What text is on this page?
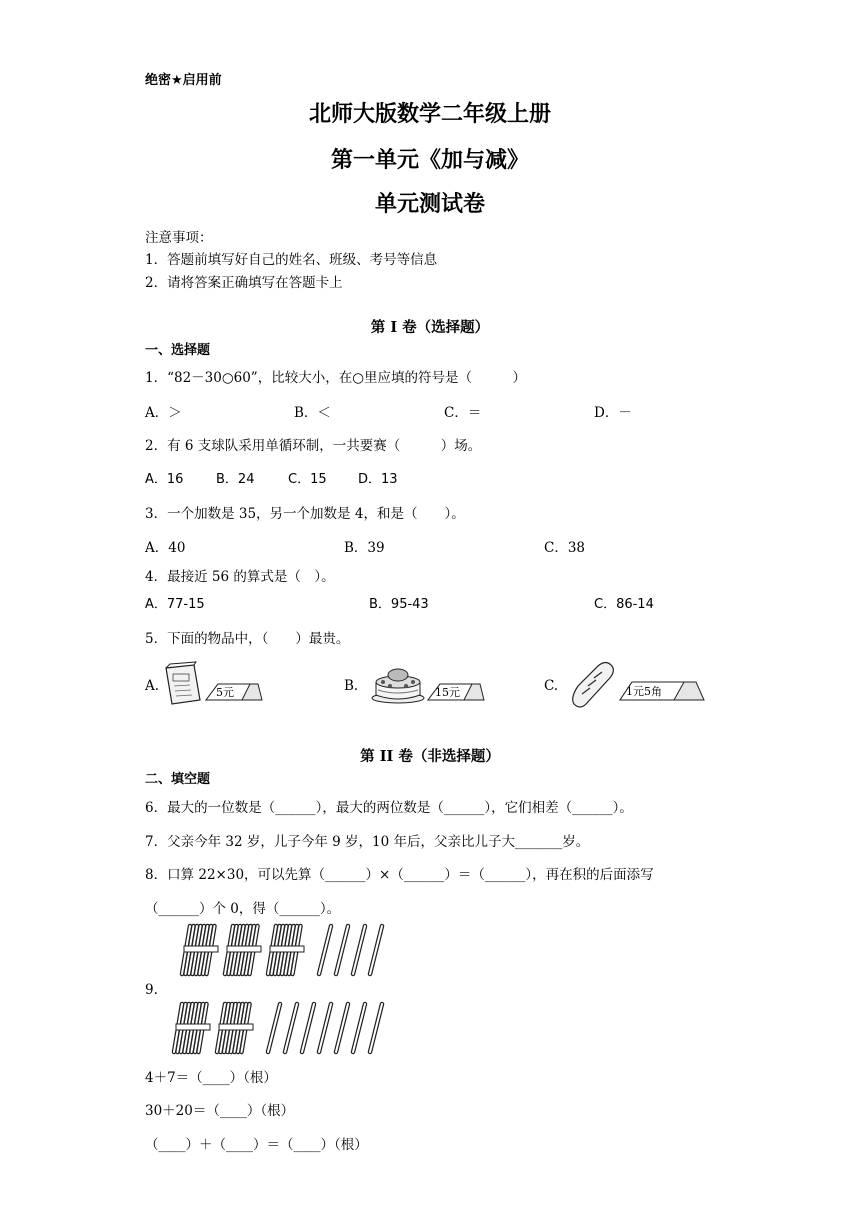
绝密★启用前
北师大版数学二年级上册
第一单元《加与减》
单元测试卷
注意事项：
1．答题前填写好自己的姓名、班级、考号等信息
2．请将答案正确填写在答题卡上
第 I 卷（选择题）
一、选择题
1．“82－30○60”，比较大小，在○里应填的符号是（　　　）
A．＞	B．＜	C．＝	D．－
2．有 6 支球队采用单循环制，一共要赛（　　　）场。
A．16	B．24	C．15 D．13
3．一个加数是 35，另一个加数是 4，和是（　　）。
A．40	B．39	C．38
4．最接近 56 的算式是（　）。
A．77-15	B．95-43	C．86-14
5．下面的物品中，（　　）最贵。
A.	5元	B.	15元	C.	1元5角
第 II 卷（非选择题）
二、填空题
6．最大的一位数是（______），最大的两位数是（______），它们相差（______）。
7．父亲今年 32 岁，儿子今年 9 岁，10 年后，父亲比儿子大_______岁。
8．口算 22×30，可以先算（______）×（______）＝（______），再在积的后面添写
（______）个 0，得（______）。
9.
4＋7＝（____）（根）
30＋20＝（____）（根）
（____）＋（____）＝（____）（根）
